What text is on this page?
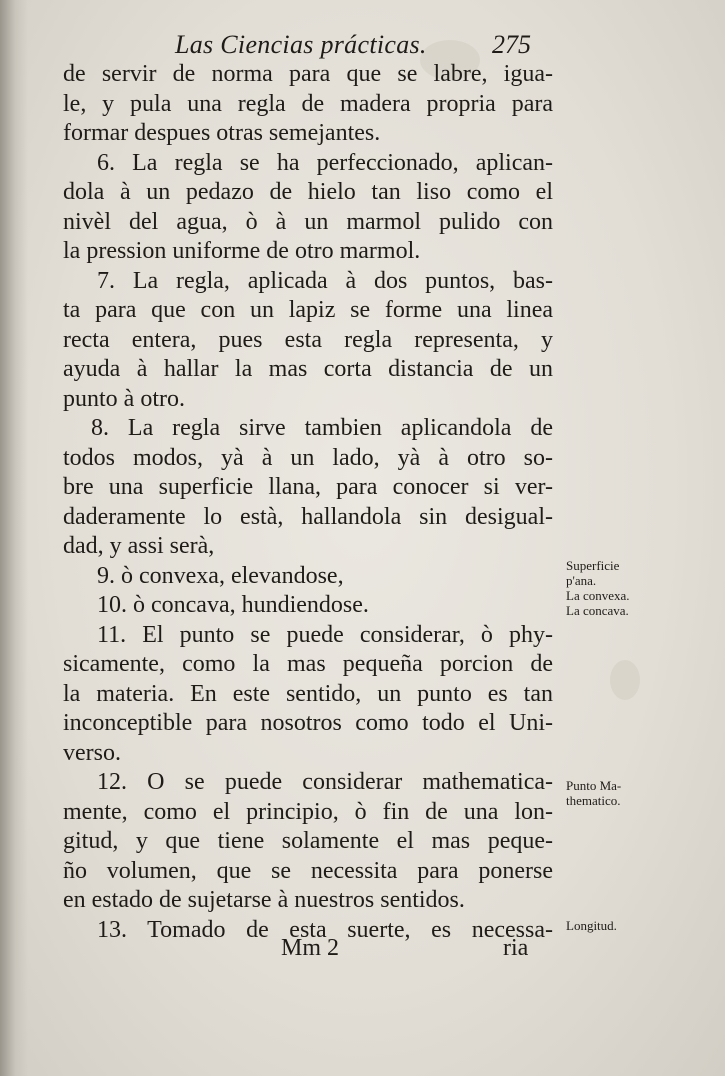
Las Ciencias prácticas.	275
de servir de norma para que se labre, igua-
le, y pula una regla de madera propria para
formar despues otras semejantes.
6. La regla se ha perfeccionado, aplican-
dola à un pedazo de hielo tan liso como el
nivèl del agua, ò à un marmol pulido con
la pression uniforme de otro marmol.
7. La regla, aplicada à dos puntos, bas-
ta para que con un lapiz se forme una linea
recta entera, pues esta regla representa, y
ayuda à hallar la mas corta distancia de un
punto à otro.
8. La regla sirve tambien aplicandola de
todos modos, yà à un lado, yà à otro so-
bre una superficie llana, para conocer si ver-
daderamente lo està, hallandola sin desigual-
dad, y assi serà,
9. ò convexa, elevandose,
10. ò concava, hundiendose.
11. El punto se puede considerar, ò phy-
sicamente, como la mas pequeña porcion de
la materia. En este sentido, un punto es tan
inconceptible para nosotros como todo el Uni-
verso.
12. O se puede considerar mathematica-
mente, como el principio, ò fin de una lon-
gitud, y que tiene solamente el mas peque-
ño volumen, que se necessita para ponerse
en estado de sujetarse à nuestros sentidos.
13. Tomado de esta suerte, es necessa-
Superficie
p'ana.
La convexa.
La concava.
Punto Ma-
thematico.
Longitud.
Mm 2	ria
